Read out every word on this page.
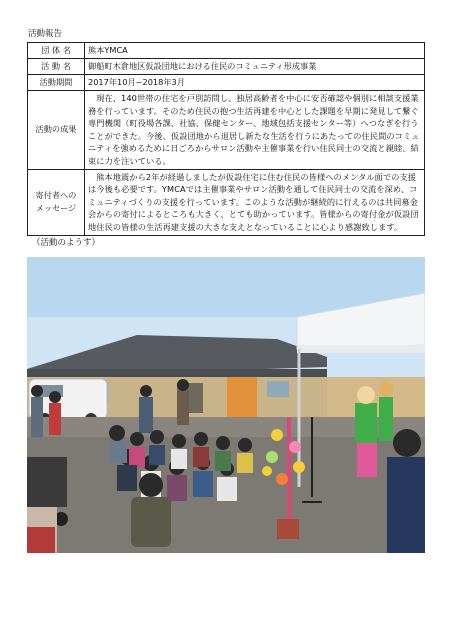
活動報告
団 体 名	熊本YMCA
活 動 名	御船町木倉地区仮設団地における住民のコミュニティ形成事業
活動期間	2017年10月~2018年3月
活動の成果	現在、140世帯の住宅を戸別訪問し、独居高齢者を中心に安否確認や個別に相談支援業務を行っています。そのため住民の抱つ生活再建を中心とした課題を早期に発見して繋ぐ専門機関（町役場各課、社協、保健センター、地域包括支援センター等）へつなぎを行うことができた。今後、仮設団地から退居し新たな生活を行うにあたっての住民間のコミュニティを強めるために日ごろからサロン活動や主催事業を行い住民同士の交流と親睦、結束に力を注いている。
寄付者への
メッセージ	熊本地震から2年が経過しましたが仮設住宅に住む住民の皆様へのメンタル面での支援は今後も必要です。YMCAでは主催事業やサロン活動を通して住民同士の交流を深め、コミュニティづくりの支援を行っています。このような活動が継続的に行えるのは共同募金会からの寄付によるところも大きく、とても助かっています。皆様からの寄付金が仮設団地住民の皆様の生活再建支援の大きな支えとなっていることに心より感謝致します。
（活動のようす）
